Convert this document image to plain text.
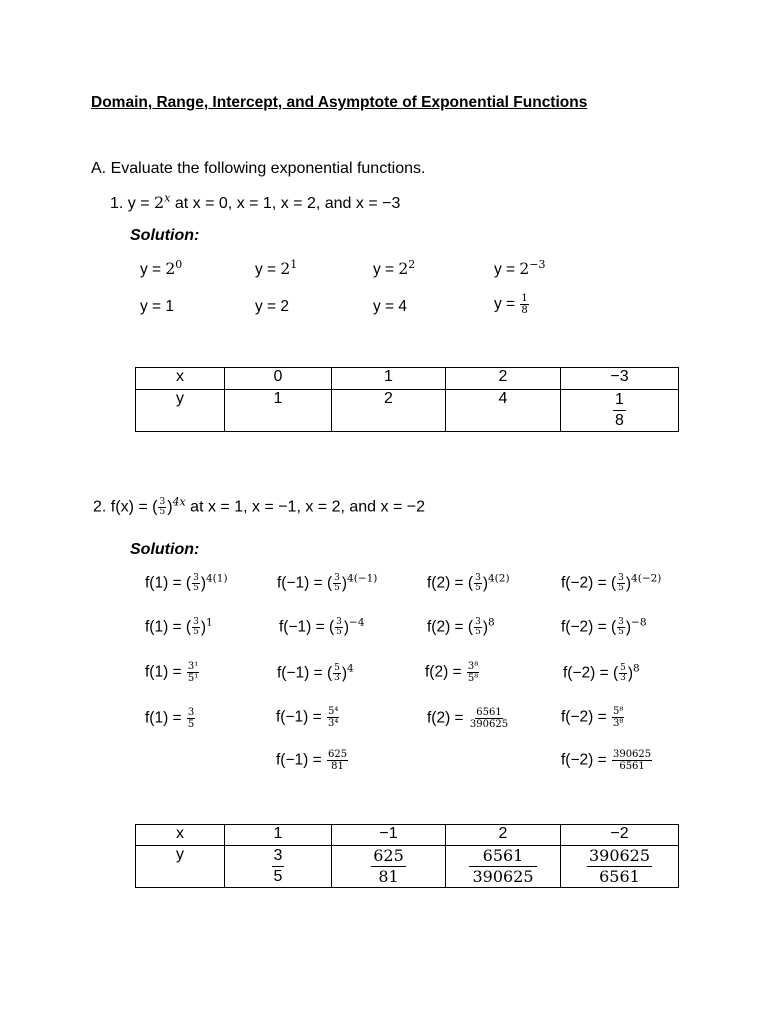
Domain, Range, Intercept, and Asymptote of Exponential Functions
A. Evaluate the following exponential functions.
1. $y = 2^x$ at x = 0, x = 1, x = 2, and x = −3
Solution:
$y = 2^0$	$y = 2^1$	$y = 2^2$	$y = 2^{-3}$
y = 1	y = 2	y = 4	$y = \frac{1}{8}$
x	0	1	2	−3
y	1	2	4	$\frac{1}{8}$
2. f(x) = ( $\frac{3}{5} )^{4x}$ at x = 1, x = −1, x = 2, and x = −2
Solution:
f(1) = ( $\frac{3}{5} )^{4(1)}$	f(−1) = ( $\frac{3}{5} )^{4(-1)}$	f(2) = ( $\frac{3}{5} )^{4(2)}$	f(−2) = ( $\frac{3}{5} )^{4(-2)}$
f(1) = ( $\frac{3}{5} )^1$	f(−1) = ( $\frac{3}{5} )^{-4}$	f(2) = ( $\frac{3}{5} )^8$	f(−2) = ( $\frac{3}{5} )^{-8}$
$f(1) = \frac{\text{3¹}}{\text{5¹}}$	f(−1) = ( $\frac{5}{3} )^4$	$f(2) = \frac{\text{3⁸}}{\text{5⁸}}$	f(−2) = ( $\frac{5}{3} )^8$
$f(1) = \frac{3}{5}$	$f(-1) = \frac{\text{5⁴}}{\text{3⁴}}$	$f(2) = \frac{6561}{390625}$	$f(-2) = \frac{\text{5⁸}}{\text{3⁸}}$
$f(-1) = \frac{625}{81}$	$f(-2) = \frac{390625}{6561}$
x	1	−1	2	−2
y	$\frac{3}{5}$	$\frac{625}{81}$	$\frac{6561}{390625}$	$\frac{390625}{6561}$
